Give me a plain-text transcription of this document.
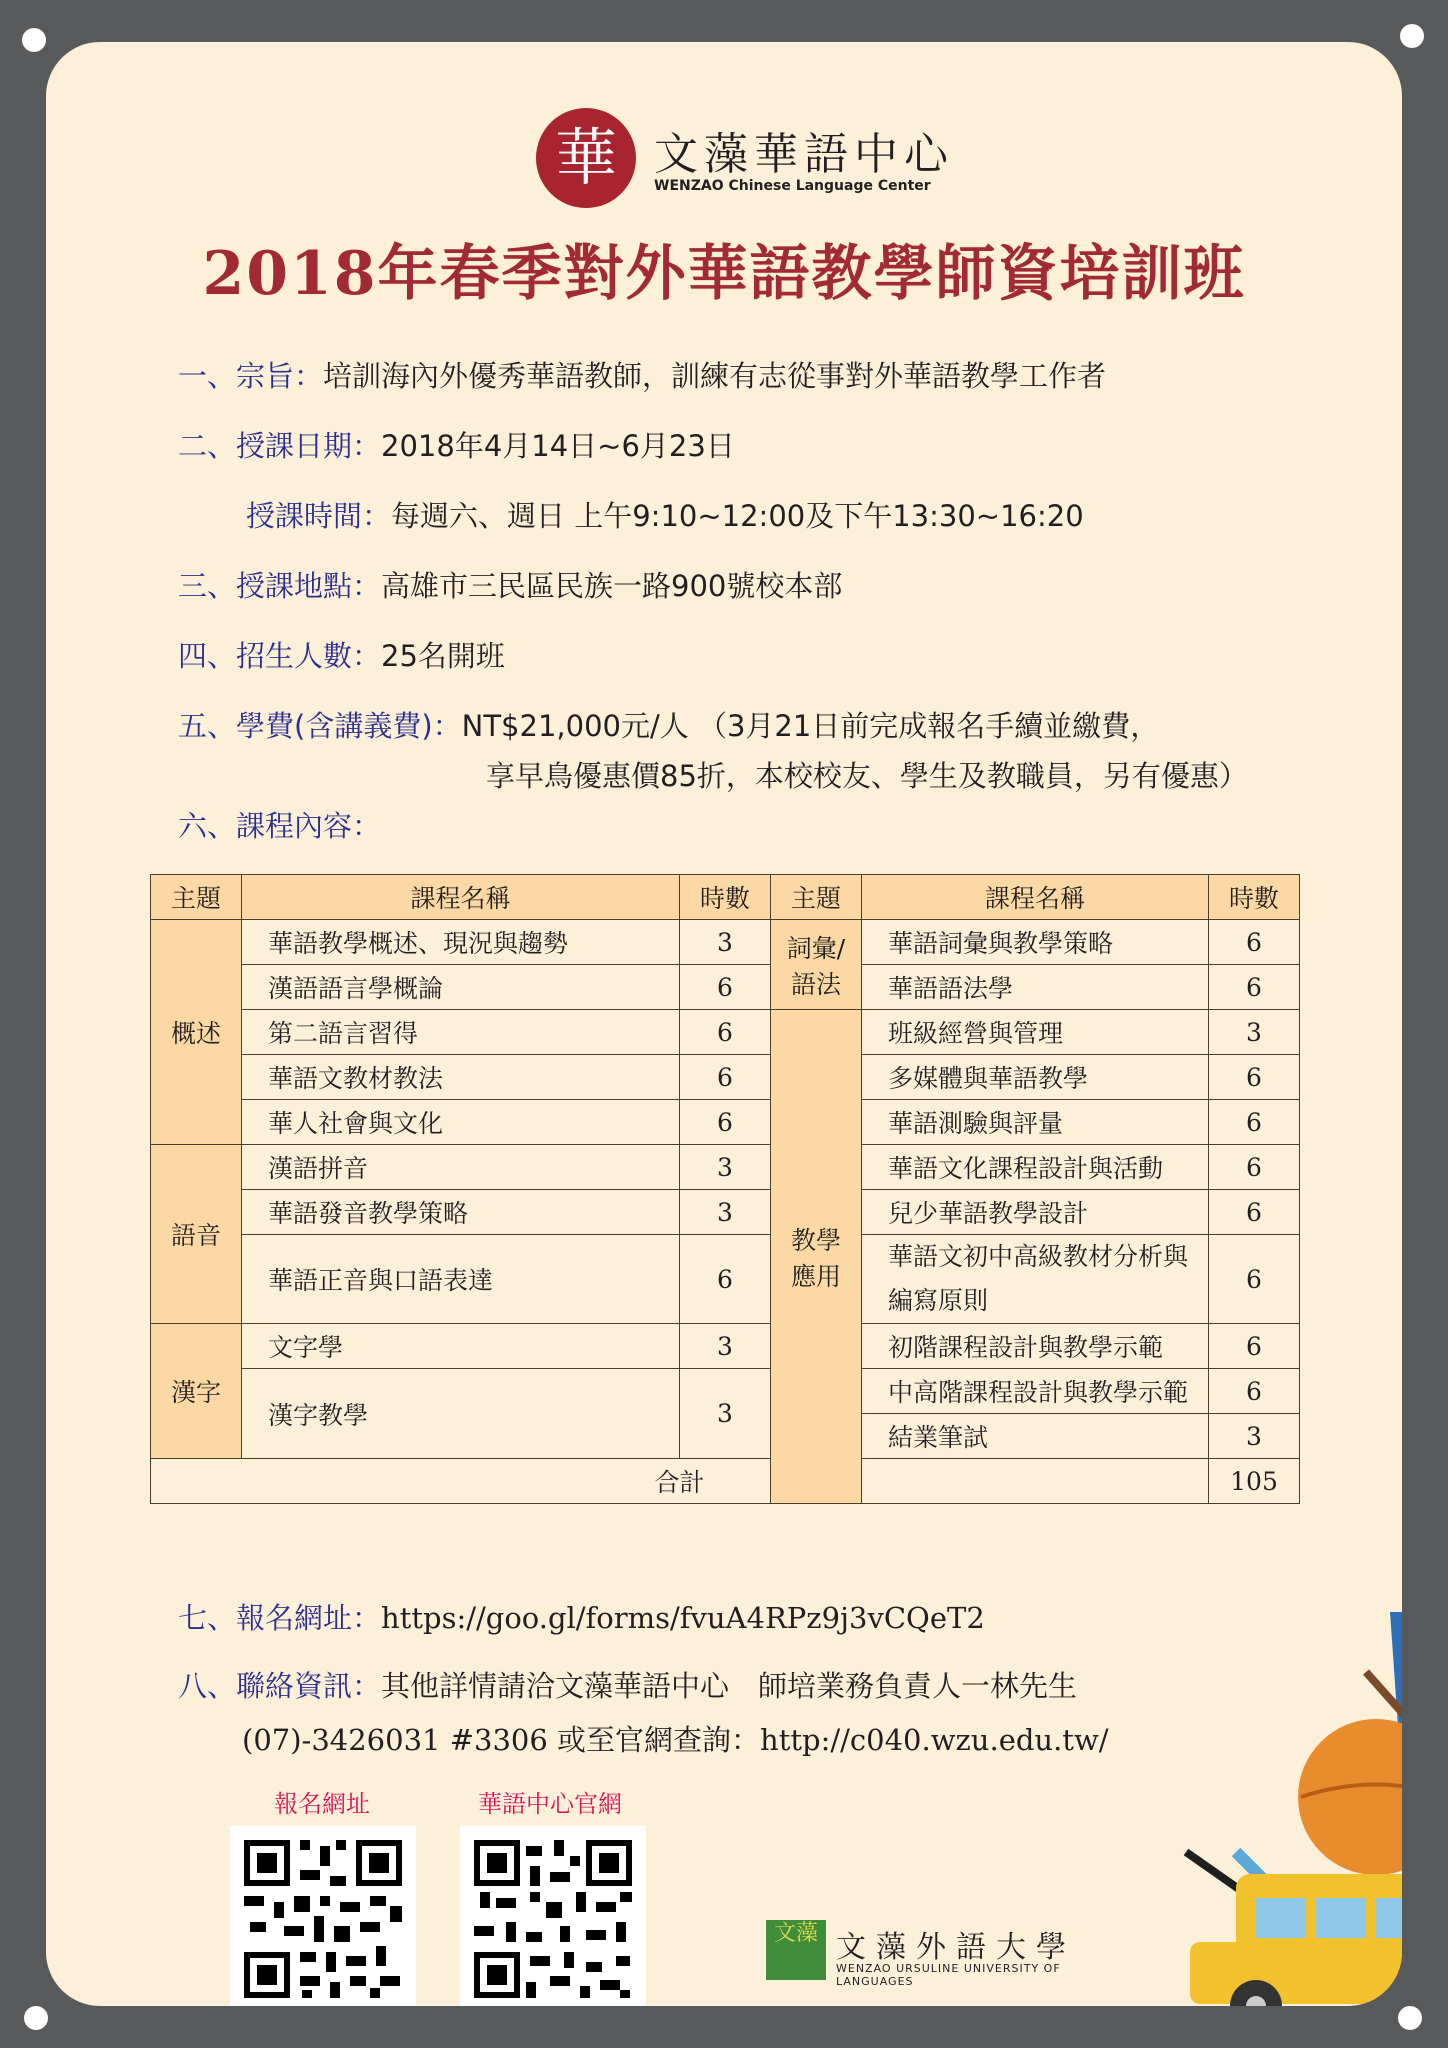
華 文藻華語中心
WENZAO Chinese Language Center
2018年春季對外華語教學師資培訓班
一、宗旨：培訓海內外優秀華語教師，訓練有志從事對外華語教學工作者
二、授課日期：2018年4月14日~6月23日
授課時間：每週六、週日 上午9:10~12:00及下午13:30~16:20
三、授課地點：高雄市三民區民族一路900號校本部
四、招生人數：25名開班
五、學費(含講義費)：NT$21,000元/人 （3月21日前完成報名手續並繳費，
享早鳥優惠價85折，本校校友、學生及教職員，另有優惠）
六、課程內容：
主題	課程名稱	時數	主題	課程名稱	時數
概述	華語教學概述、現況與趨勢	3	詞彙/語法	華語詞彙與教學策略	6
	漢語語言學概論	6		華語語法學	6
	第二語言習得	6	教學應用	班級經營與管理	3
	華語文教材教法	6		多媒體與華語教學	6
	華人社會與文化	6		華語測驗與評量	6
語音	漢語拼音	3		華語文化課程設計與活動	6
	華語發音教學策略	3		兒少華語教學設計	6
	華語正音與口語表達	6		華語文初中高級教材分析與編寫原則	6
漢字	文字學	3		初階課程設計與教學示範	6
	漢字教學	3		中高階課程設計與教學示範	6
				結業筆試	3
合計					105
七、報名網址：https://goo.gl/forms/fvuA4RPz9j3vCQeT2
八、聯絡資訊：其他詳情請洽文藻華語中心　師培業務負責人一林先生
(07)-3426031 #3306 或至官網查詢：http://c040.wzu.edu.tw/
報名網址	華語中心官網
文藻 文藻外語大學
WENZAO URSULINE UNIVERSITY OF LANGUAGES
